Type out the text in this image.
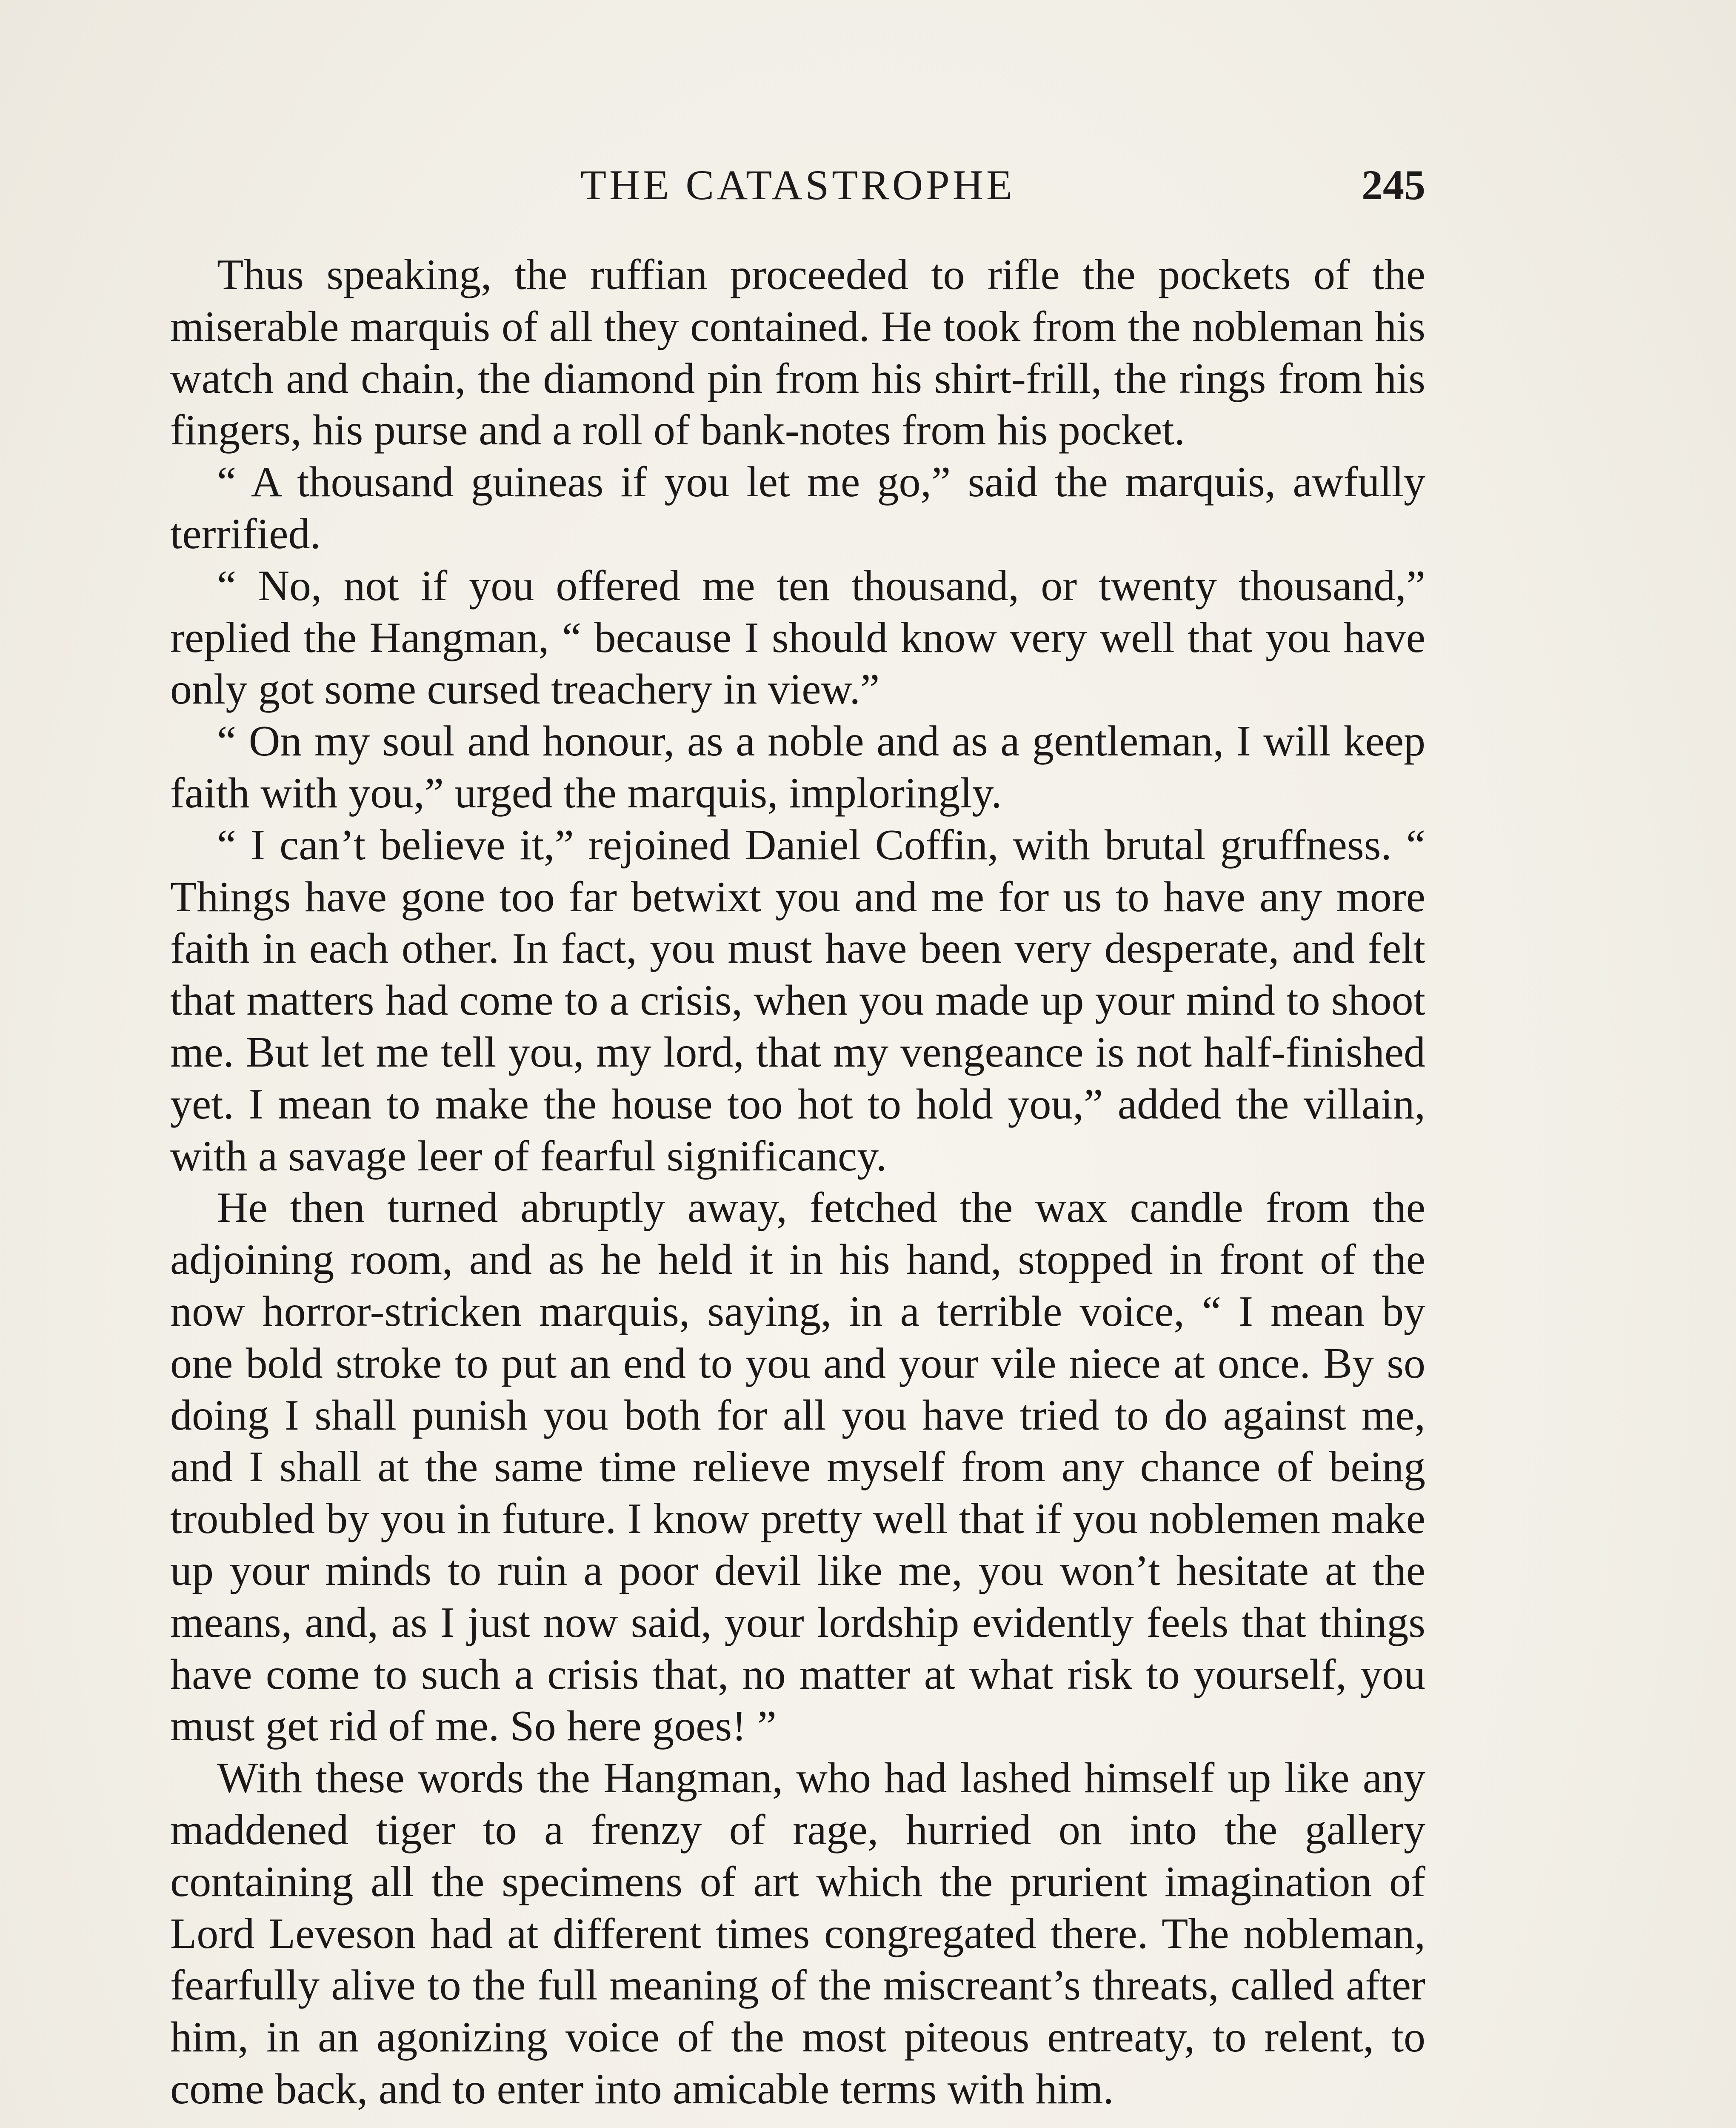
THE CATASTROPHE	245

Thus speaking, the ruffian proceeded to rifle the pockets of the miserable marquis of all they contained. He took from the nobleman his watch and chain, the diamond pin from his shirt-frill, the rings from his fingers, his purse and a roll of bank-notes from his pocket.

“ A thousand guineas if you let me go,” said the marquis, awfully terrified.

“ No, not if you offered me ten thousand, or twenty thousand,” replied the Hangman, “ because I should know very well that you have only got some cursed treachery in view.”

“ On my soul and honour, as a noble and as a gentleman, I will keep faith with you,” urged the marquis, imploringly.

“ I can’t believe it,” rejoined Daniel Coffin, with brutal gruffness. “ Things have gone too far betwixt you and me for us to have any more faith in each other. In fact, you must have been very desperate, and felt that matters had come to a crisis, when you made up your mind to shoot me. But let me tell you, my lord, that my vengeance is not half-finished yet. I mean to make the house too hot to hold you,” added the villain, with a savage leer of fearful significancy.

He then turned abruptly away, fetched the wax candle from the adjoining room, and as he held it in his hand, stopped in front of the now horror-stricken marquis, saying, in a terrible voice, “ I mean by one bold stroke to put an end to you and your vile niece at once. By so doing I shall punish you both for all you have tried to do against me, and I shall at the same time relieve myself from any chance of being troubled by you in future. I know pretty well that if you noblemen make up your minds to ruin a poor devil like me, you won’t hesitate at the means, and, as I just now said, your lordship evidently feels that things have come to such a crisis that, no matter at what risk to yourself, you must get rid of me. So here goes! ”

With these words the Hangman, who had lashed himself up like any maddened tiger to a frenzy of rage, hurried on into the gallery containing all the specimens of art which the prurient imagination of Lord Leveson had at different times congregated there. The nobleman, fearfully alive to the full meaning of the miscreant’s threats, called after him, in an agonizing voice of the most piteous entreaty, to relent, to come back, and to enter into amicable terms with him.
